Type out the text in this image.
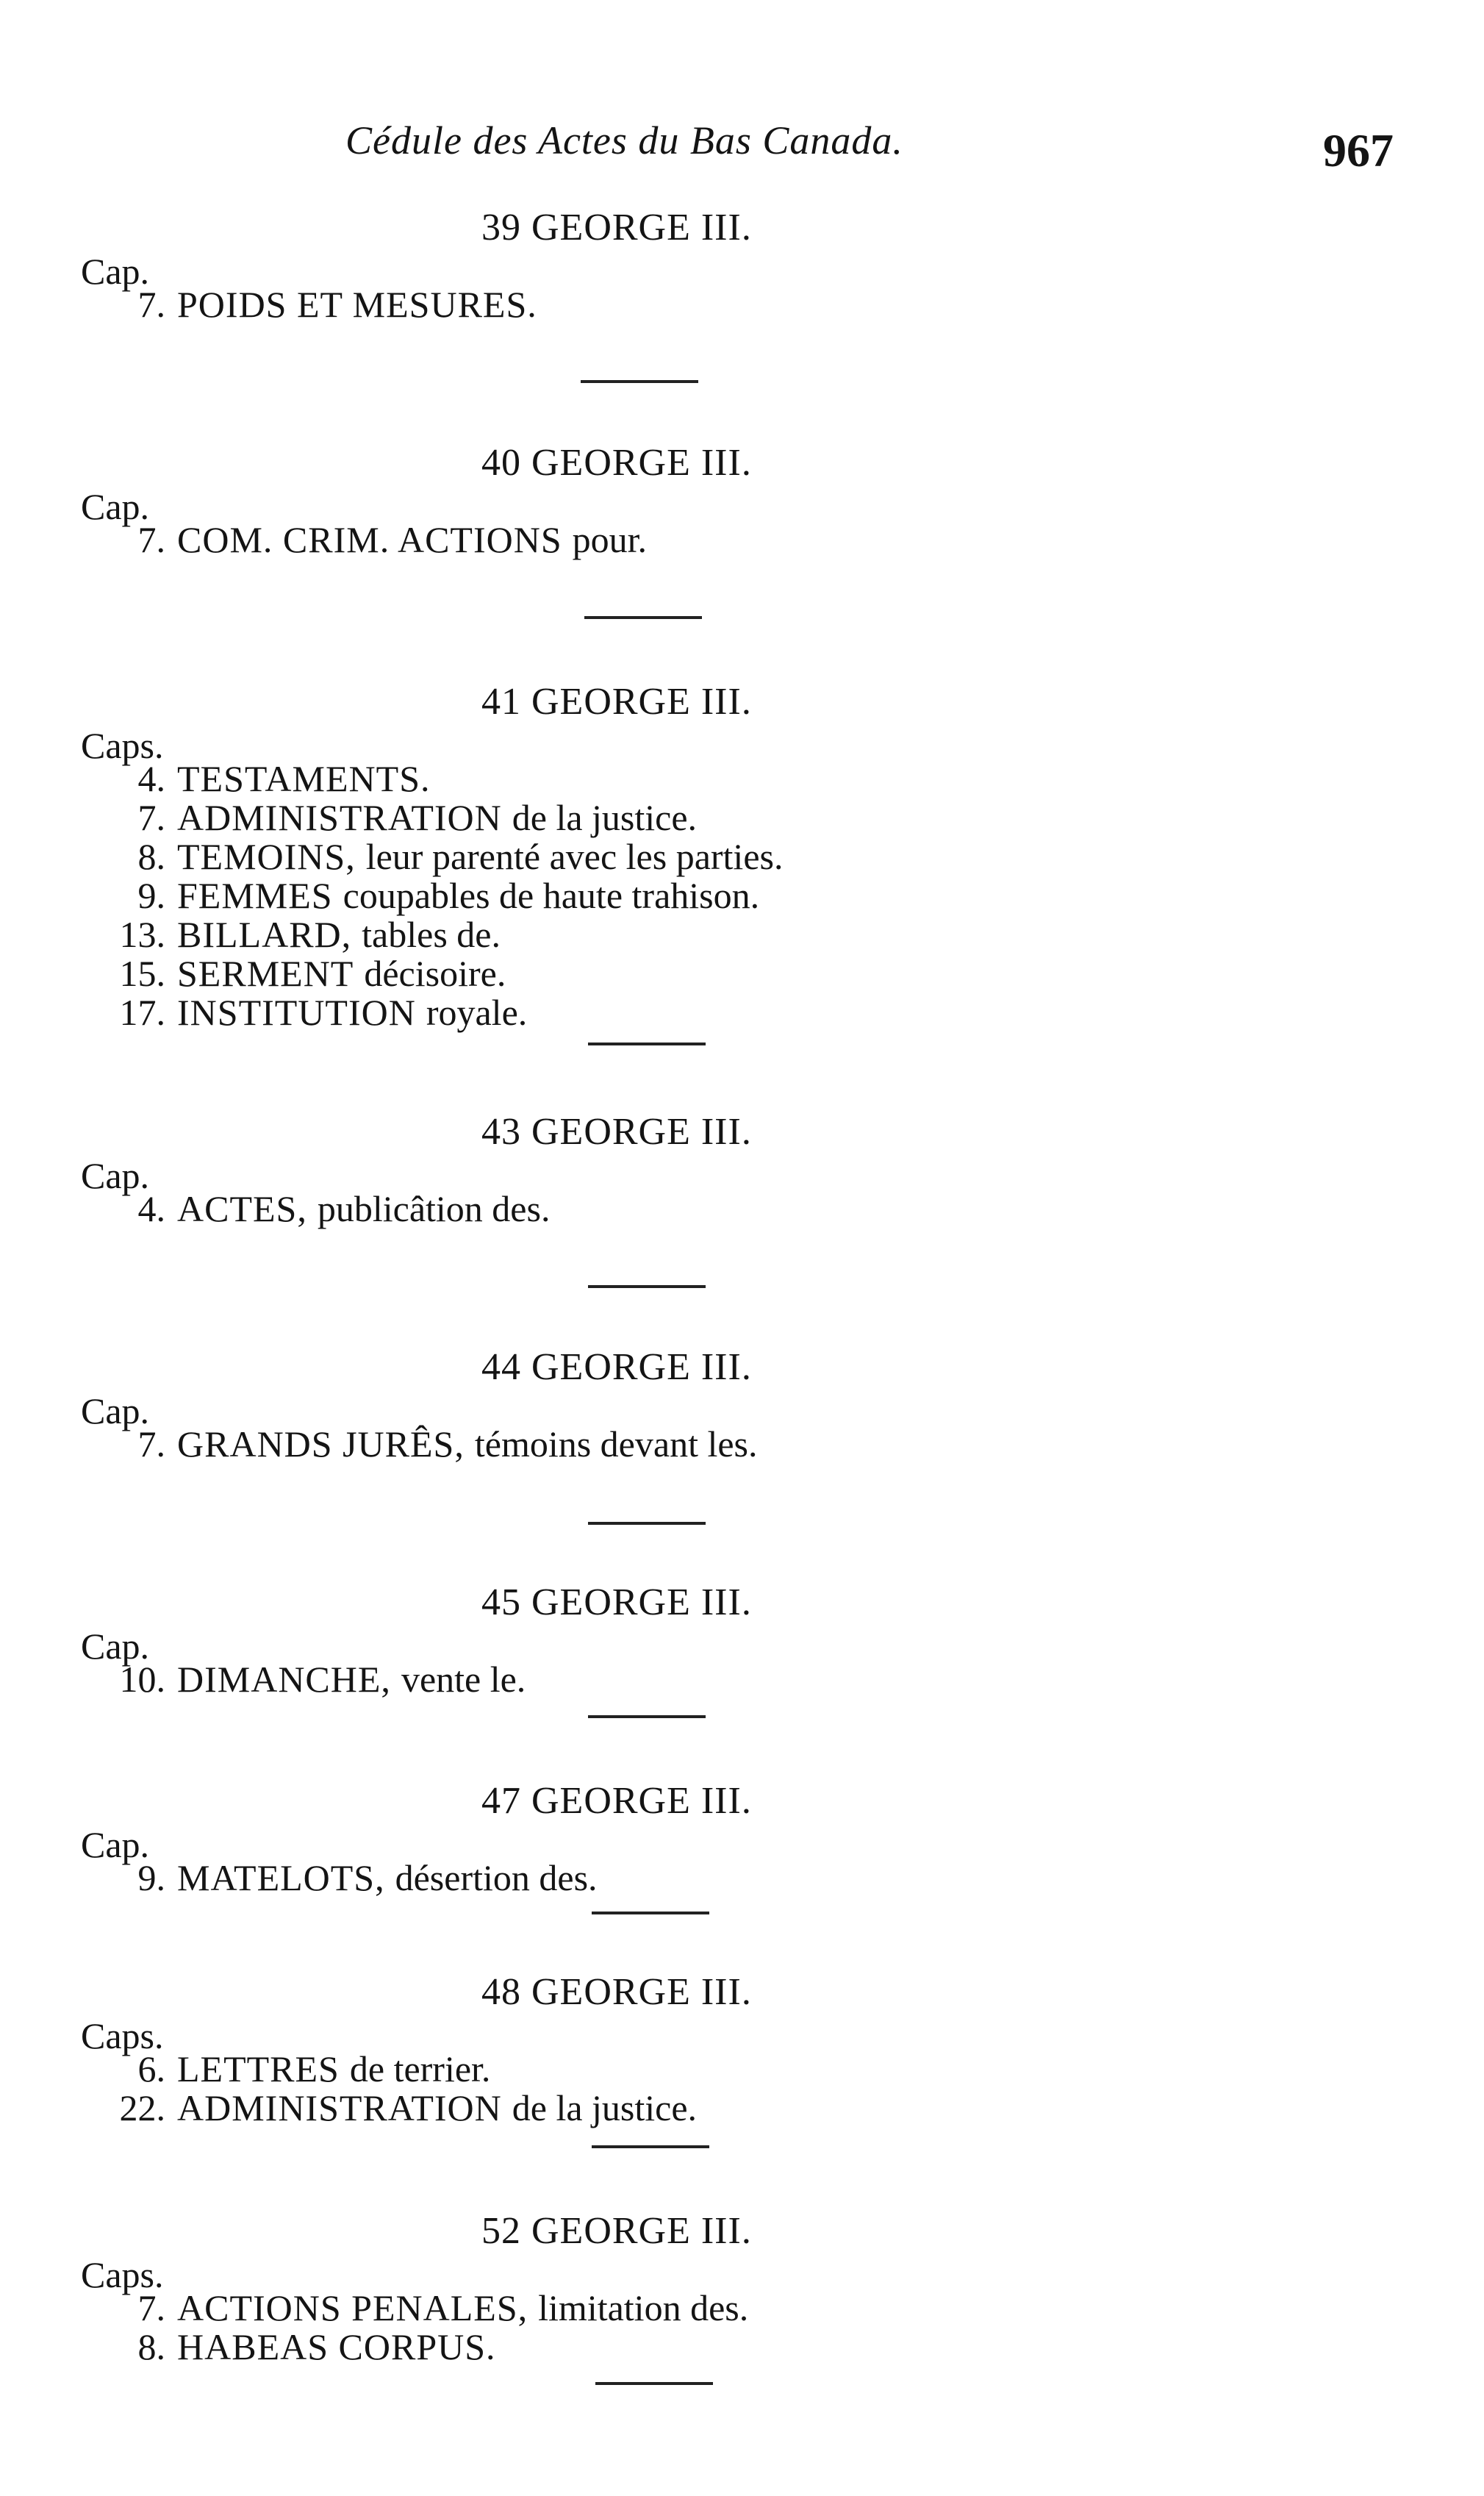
Cédule des Actes du Bas Canada.	967
39 GEORGE III.
Cap.
7. POIDS ET MESURES.
40 GEORGE III.
Cap.
7. COM. CRIM. ACTIONS pour.
41 GEORGE III.
Caps.
4. TESTAMENTS.
7. ADMINISTRATION de la justice.
8. TEMOINS, leur parenté avec les parties.
9. FEMMES coupables de haute trahison.
13. BILLARD, tables de.
15. SERMENT décisoire.
17. INSTITUTION royale.
43 GEORGE III.
Cap.
4. ACTES, publicâtion des.
44 GEORGE III.
Cap.
7. GRANDS JURÊS, témoins devant les.
45 GEORGE III.
Cap.
10. DIMANCHE, vente le.
47 GEORGE III.
Cap.
9. MATELOTS, désertion des.
48 GEORGE III.
Caps.
6. LETTRES de terrier.
22. ADMINISTRATION de la justice.
52 GEORGE III.
Caps.
7. ACTIONS PENALES, limitation des.
8. HABEAS CORPUS.
